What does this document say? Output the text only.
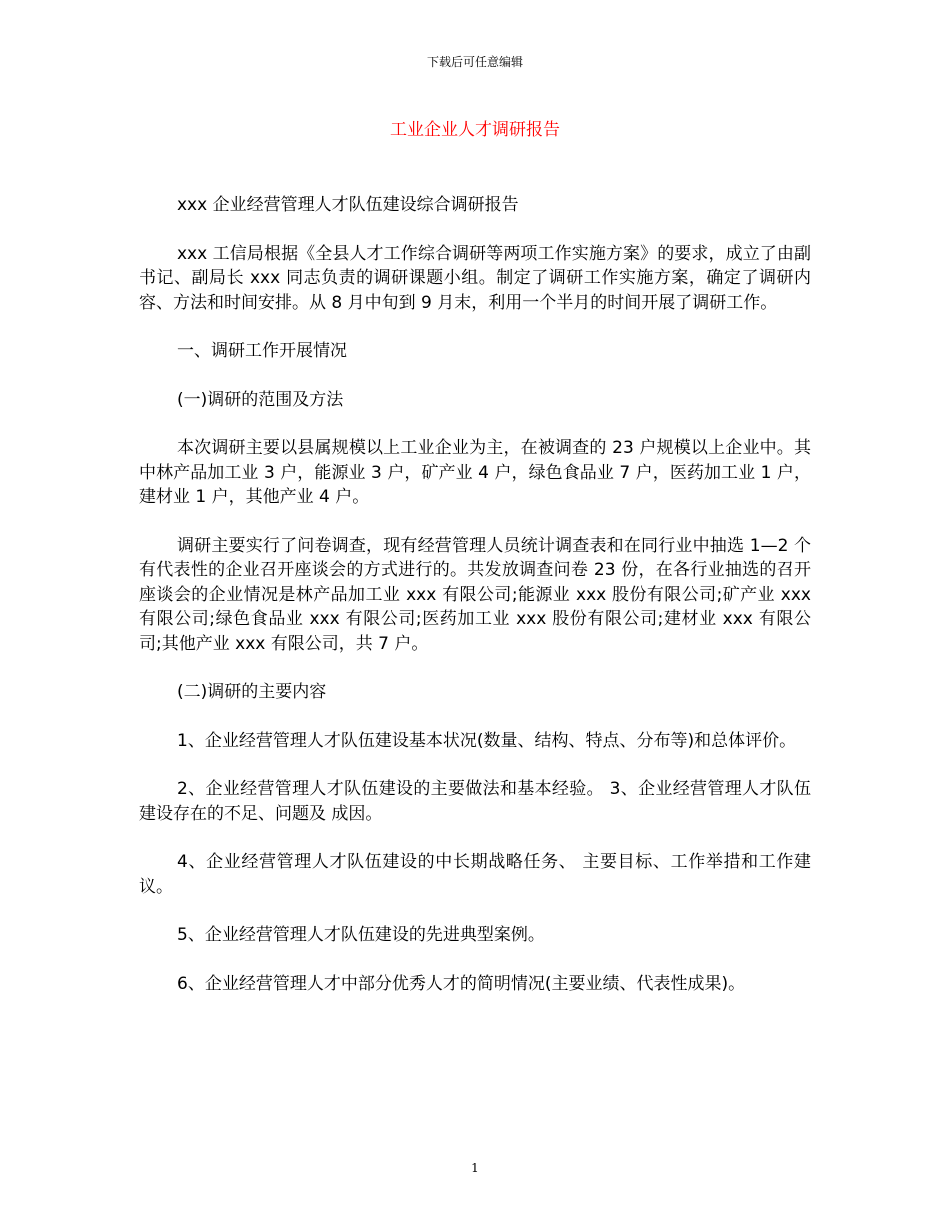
下载后可任意编辑
工业企业人才调研报告

xxx 企业经营管理人才队伍建设综合调研报告

xxx 工信局根据《全县人才工作综合调研等两项工作实施方案》的要求，成立了由副书记、副局长 xxx 同志负责的调研课题小组。制定了调研工作实施方案，确定了调研内容、方法和时间安排。从 8 月中旬到 9 月末，利用一个半月的时间开展了调研工作。

一、调研工作开展情况

(一)调研的范围及方法

本次调研主要以县属规模以上工业企业为主，在被调查的 23 户规模以上企业中。其中林产品加工业 3 户，能源业 3 户，矿产业 4 户，绿色食品业 7 户，医药加工业 1 户，建材业 1 户，其他产业 4 户。

调研主要实行了问卷调查，现有经营管理人员统计调查表和在同行业中抽选 1—2 个有代表性的企业召开座谈会的方式进行的。共发放调查问卷 23 份，在各行业抽选的召开座谈会的企业情况是林产品加工业 xxx 有限公司;能源业 xxx 股份有限公司;矿产业 xxx 有限公司;绿色食品业 xxx 有限公司;医药加工业 xxx 股份有限公司;建材业 xxx 有限公司;其他产业 xxx 有限公司，共 7 户。

(二)调研的主要内容

1、企业经营管理人才队伍建设基本状况(数量、结构、特点、分布等)和总体评价。

2、企业经营管理人才队伍建设的主要做法和基本经验。 3、企业经营管理人才队伍建设存在的不足、问题及 成因。

4、企业经营管理人才队伍建设的中长期战略任务、 主要目标、工作举措和工作建议。

5、企业经营管理人才队伍建设的先进典型案例。

6、企业经营管理人才中部分优秀人才的简明情况(主要业绩、代表性成果)。

1
